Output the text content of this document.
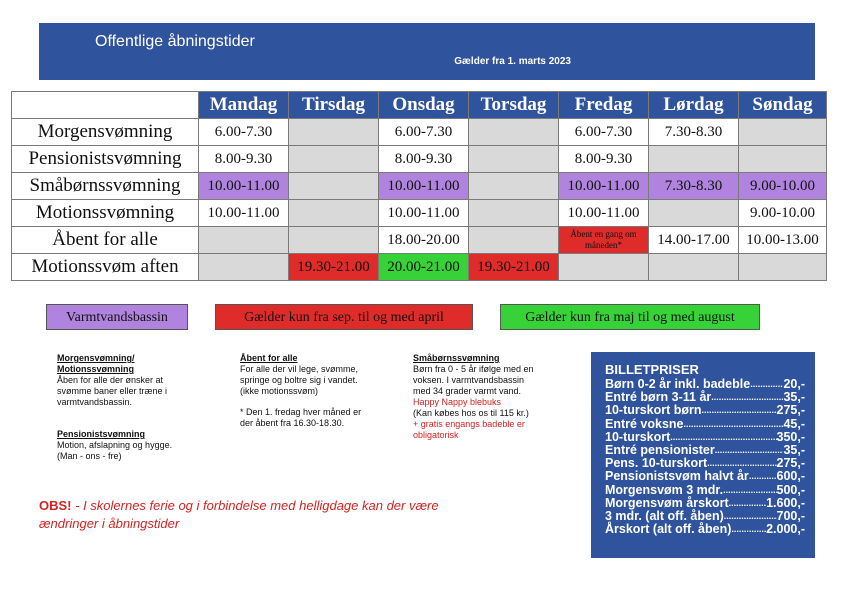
Offentlige åbningstider
Gælder fra 1. marts 2023
	Mandag	Tirsdag	Onsdag	Torsdag	Fredag	Lørdag	Søndag
Morgensvømning	6.00-7.30		6.00-7.30		6.00-7.30	7.30-8.30	
Pensionistsvømning	8.00-9.30		8.00-9.30		8.00-9.30		
Småbørnssvømning	10.00-11.00		10.00-11.00		10.00-11.00	7.30-8.30	9.00-10.00
Motionssvømning	10.00-11.00		10.00-11.00		10.00-11.00		9.00-10.00
Åbent for alle			18.00-20.00		Åbent en gang om måneden*	14.00-17.00	10.00-13.00
Motionssvøm aften		19.30-21.00	20.00-21.00	19.30-21.00			
Varmtvandsbassin	Gælder kun fra sep. til og med april	Gælder kun fra maj til og med august
Morgensvømning/ Motionssvømning
Åben for alle der ønsker at svømme baner eller træne i varmtvandsbassin.
Pensionistsvømning
Motion, afslapning og hygge. (Man - ons - fre)
Åbent for alle
For alle der vil lege, svømme, springe og boltre sig i vandet. (ikke motionssvøm)
* Den 1. fredag hver måned er der åbent fra 16.30-18.30.
Småbørnssvømning
Børn fra 0 - 5 år ifølge med en voksen. I varmtvandsbassin med 34 grader varmt vand.
Happy Nappy blebuks
(Kan købes hos os til 115 kr.)
+ gratis engangs badeble er obligatorisk
OBS! - I skolernes ferie og i forbindelse med helligdage kan der være ændringer i åbningstider
BILLETPRISER
Børn 0-2 år inkl. badeble .....	20,-
Entré børn 3-11 år .....	35,-
10-turskort børn .....	275,-
Entré voksne .....	45,-
10-turskort .....	350,-
Entré pensionister .....	35,-
Pens. 10-turskort .....	275,-
Pensionistsvøm halvt år ..... 600,-
Morgensvøm 3 mdr. .....	500,-
Morgensvøm årskort .....	1.600,-
3 mdr. (alt off. åben) .....	700,-
Årskort (alt off. åben) .....	2.000,-
